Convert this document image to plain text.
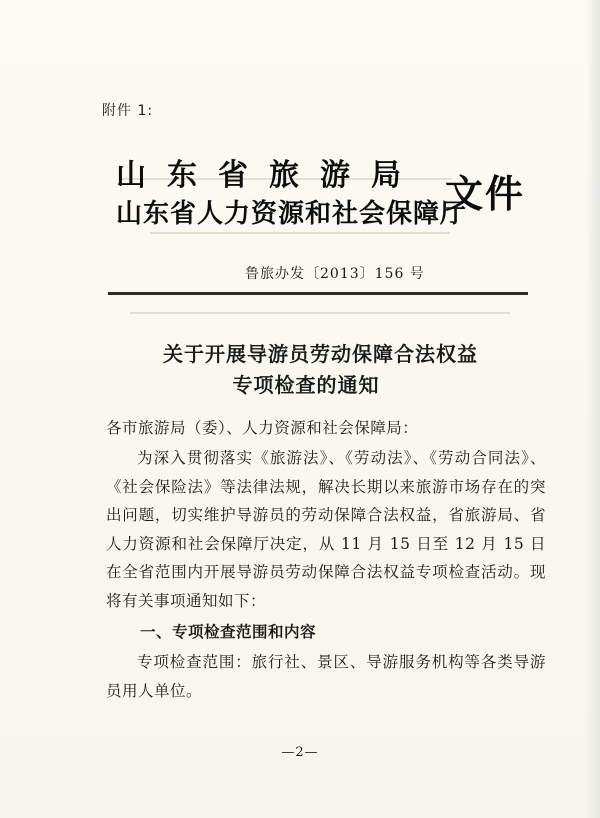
附件 1:
山东省旅游局
山东省人力资源和社会保障厅
文件
鲁旅办发〔2013〕156 号
关于开展导游员劳动保障合法权益
专项检查的通知
各市旅游局（委）、人力资源和社会保障局：

为深入贯彻落实《旅游法》、《劳动法》、《劳动合同法》、《社会保险法》等法律法规，解决长期以来旅游市场存在的突出问题，切实维护导游员的劳动保障合法权益，省旅游局、省人力资源和社会保障厅决定，从 11 月 15 日至 12 月 15 日在全省范围内开展导游员劳动保障合法权益专项检查活动。现将有关事项通知如下：

一、专项检查范围和内容

专项检查范围：旅行社、景区、导游服务机构等各类导游员用人单位。

—2—
